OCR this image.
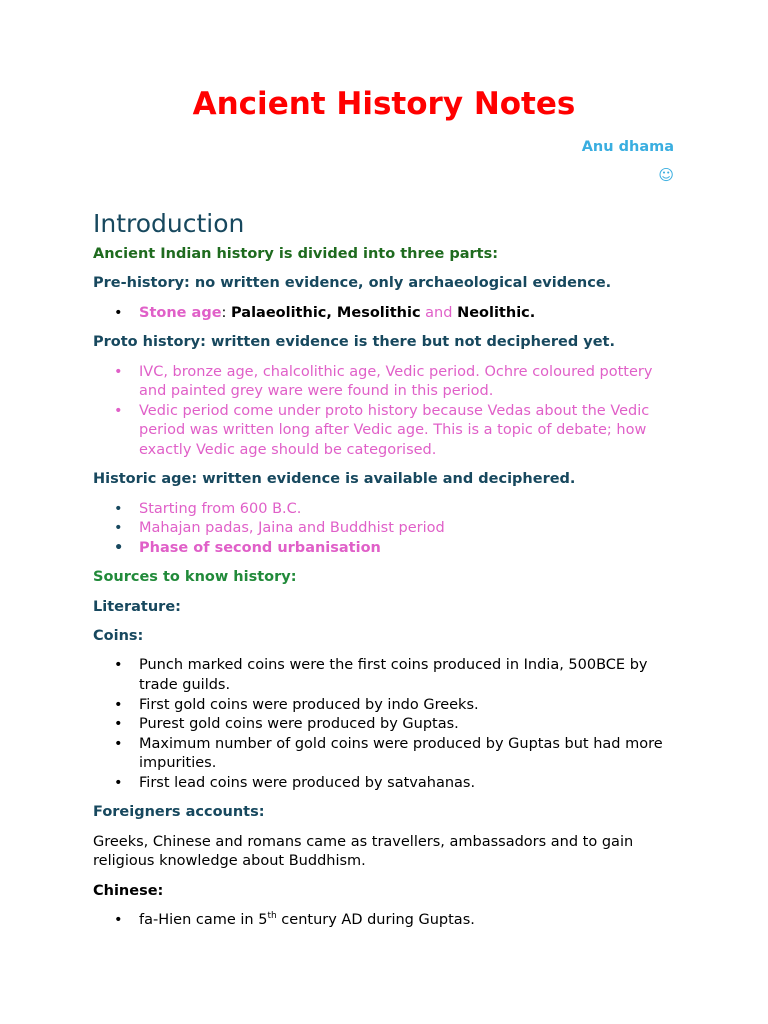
Ancient History Notes
Anu dhama
☺
Introduction

Ancient Indian history is divided into three parts:

Pre-history: no written evidence, only archaeological evidence.

• Stone age: Palaeolithic, Mesolithic and Neolithic.

Proto history: written evidence is there but not deciphered yet.

• IVC, bronze age, chalcolithic age, Vedic period. Ochre coloured pottery and painted grey ware were found in this period.
• Vedic period come under proto history because Vedas about the Vedic period was written long after Vedic age. This is a topic of debate; how exactly Vedic age should be categorised.

Historic age: written evidence is available and deciphered.

• Starting from 600 B.C.
• Mahajan padas, Jaina and Buddhist period
• Phase of second urbanisation

Sources to know history:

Literature:

Coins:

• Punch marked coins were the first coins produced in India, 500BCE by trade guilds.
• First gold coins were produced by indo Greeks.
• Purest gold coins were produced by Guptas.
• Maximum number of gold coins were produced by Guptas but had more impurities.
• First lead coins were produced by satvahanas.

Foreigners accounts:

Greeks, Chinese and romans came as travellers, ambassadors and to gain religious knowledge about Buddhism.

Chinese:

• fa-Hien came in 5th century AD during Guptas.
